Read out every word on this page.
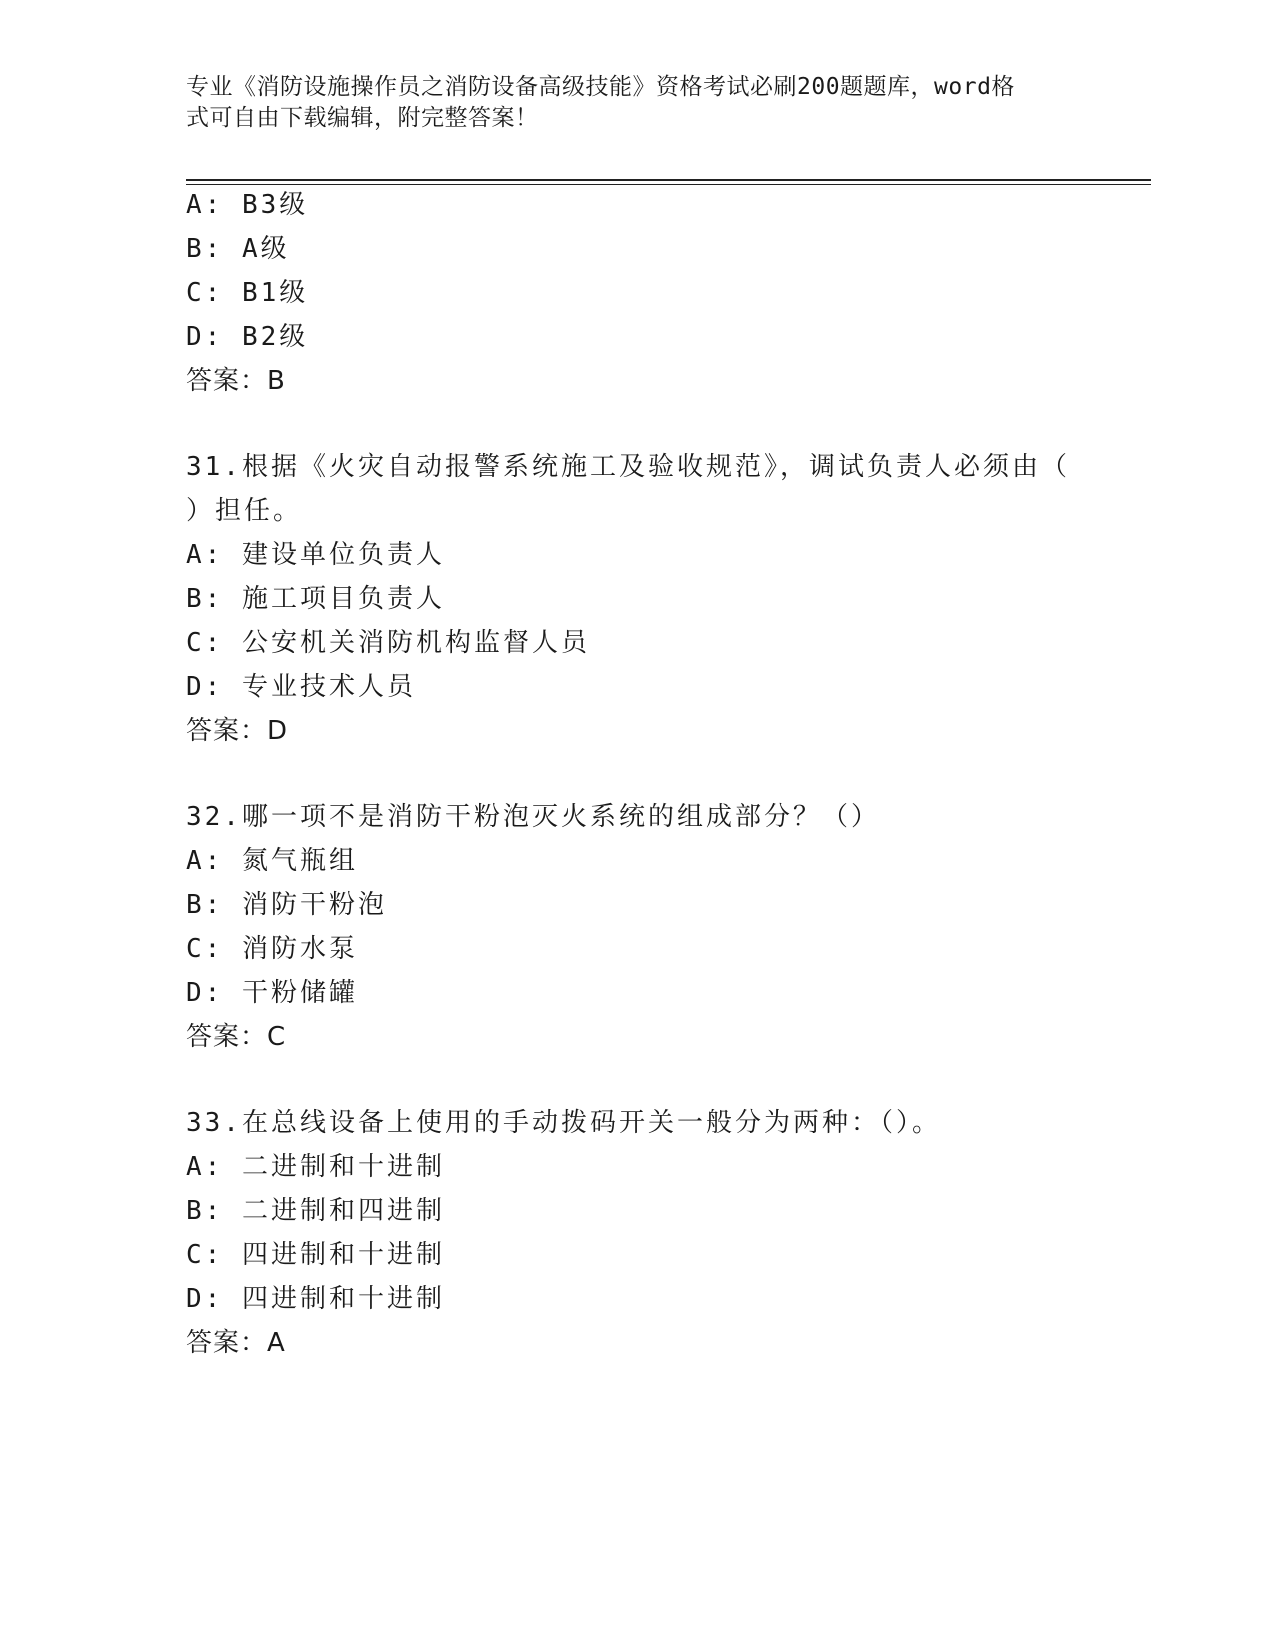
专业《消防设施操作员之消防设备高级技能》资格考试必刷200题题库，word格
式可自由下载编辑，附完整答案！
A: B3级
B: A级
C: B1级
D: B2级
答案：B
31.根据《火灾自动报警系统施工及验收规范》，调试负责人必须由（
）担任。
A: 建设单位负责人
B: 施工项目负责人
C: 公安机关消防机构监督人员
D: 专业技术人员
答案：D
32.哪一项不是消防干粉泡灭火系统的组成部分？（）
A: 氮气瓶组
B: 消防干粉泡
C: 消防水泵
D: 干粉储罐
答案：C
33.在总线设备上使用的手动拨码开关一般分为两种：（）。
A: 二进制和十进制
B: 二进制和四进制
C: 四进制和十进制
D: 四进制和十进制
答案：A
